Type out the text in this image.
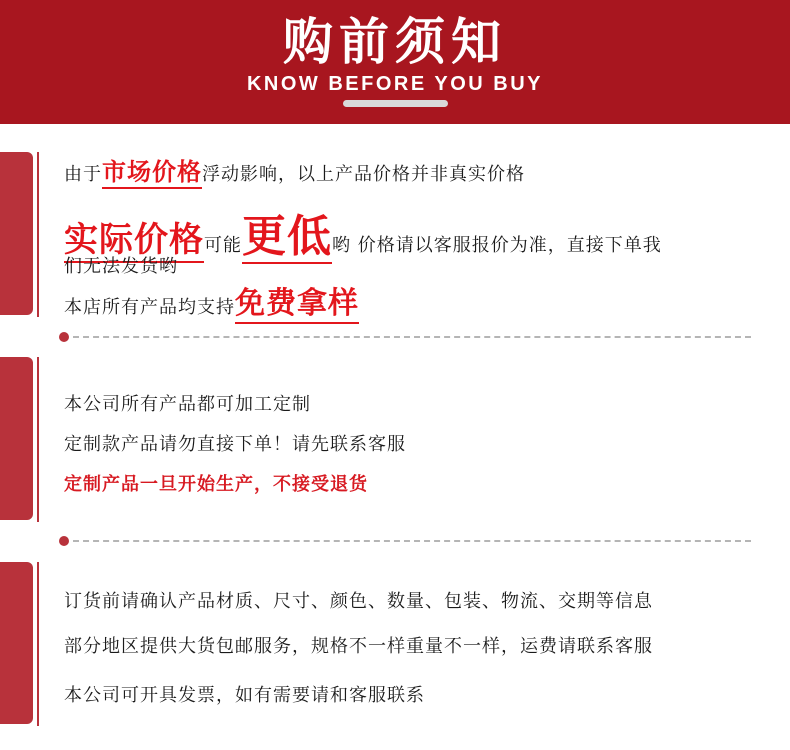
购前须知
KNOW BEFORE YOU BUY
由于市场价格浮动影响，以上产品价格并非真实价格
实际价格可能更低哟 价格请以客服报价为准，直接下单我
们无法发货哟
本店所有产品均支持免费拿样
本公司所有产品都可加工定制
定制款产品请勿直接下单！请先联系客服
定制产品一旦开始生产，不接受退货
订货前请确认产品材质、尺寸、颜色、数量、包装、物流、交期等信息
部分地区提供大货包邮服务，规格不一样重量不一样，运费请联系客服
本公司可开具发票，如有需要请和客服联系
